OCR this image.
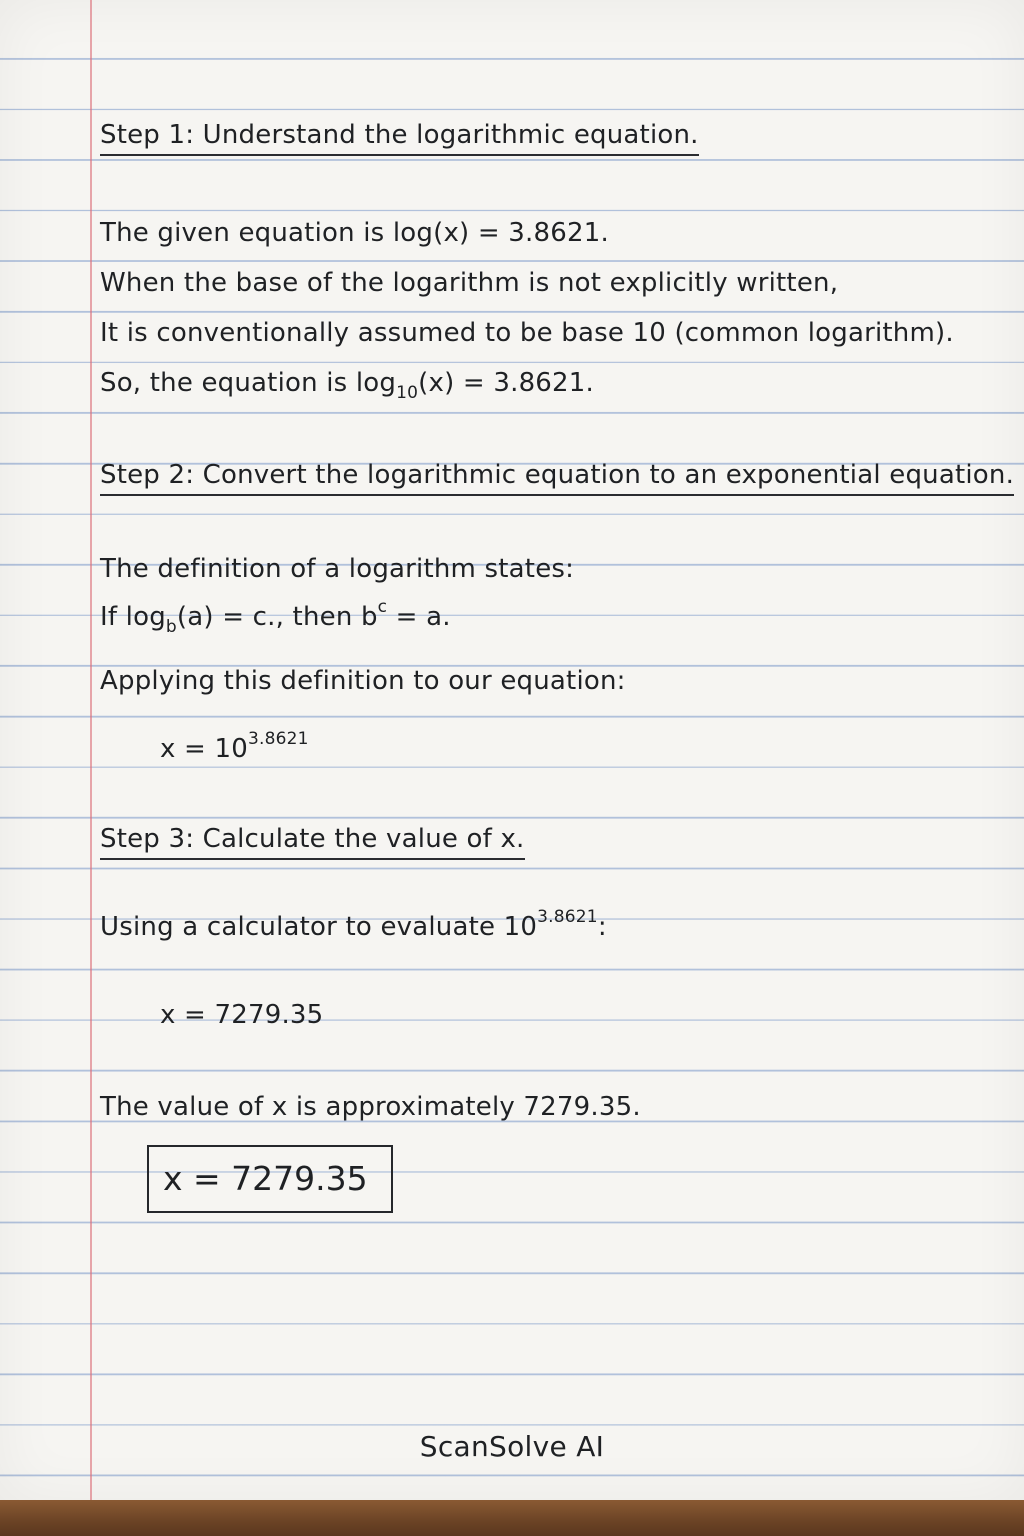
Step 1: Understand the logarithmic equation.
The given equation is log(x) = 3.8621.
When the base of the logarithm is not explicitly written,
It is conventionally assumed to be base 10 (common logarithm).
So, the equation is $\log_{10}(x) = 3.8621$.
Step 2: Convert the logarithmic equation to an exponential equation.
The definition of a logarithm states:
If $\log_b(a) = c$., then $b^c = a$.
Applying this definition to our equation:
$x = 10^{3.8621}$
Step 3: Calculate the value of x.
Using a calculator to evaluate $10^{3.8621}$:
x = 7279.35
The value of x is approximately 7279.35.
x = 7279.35
ScanSolve AI
